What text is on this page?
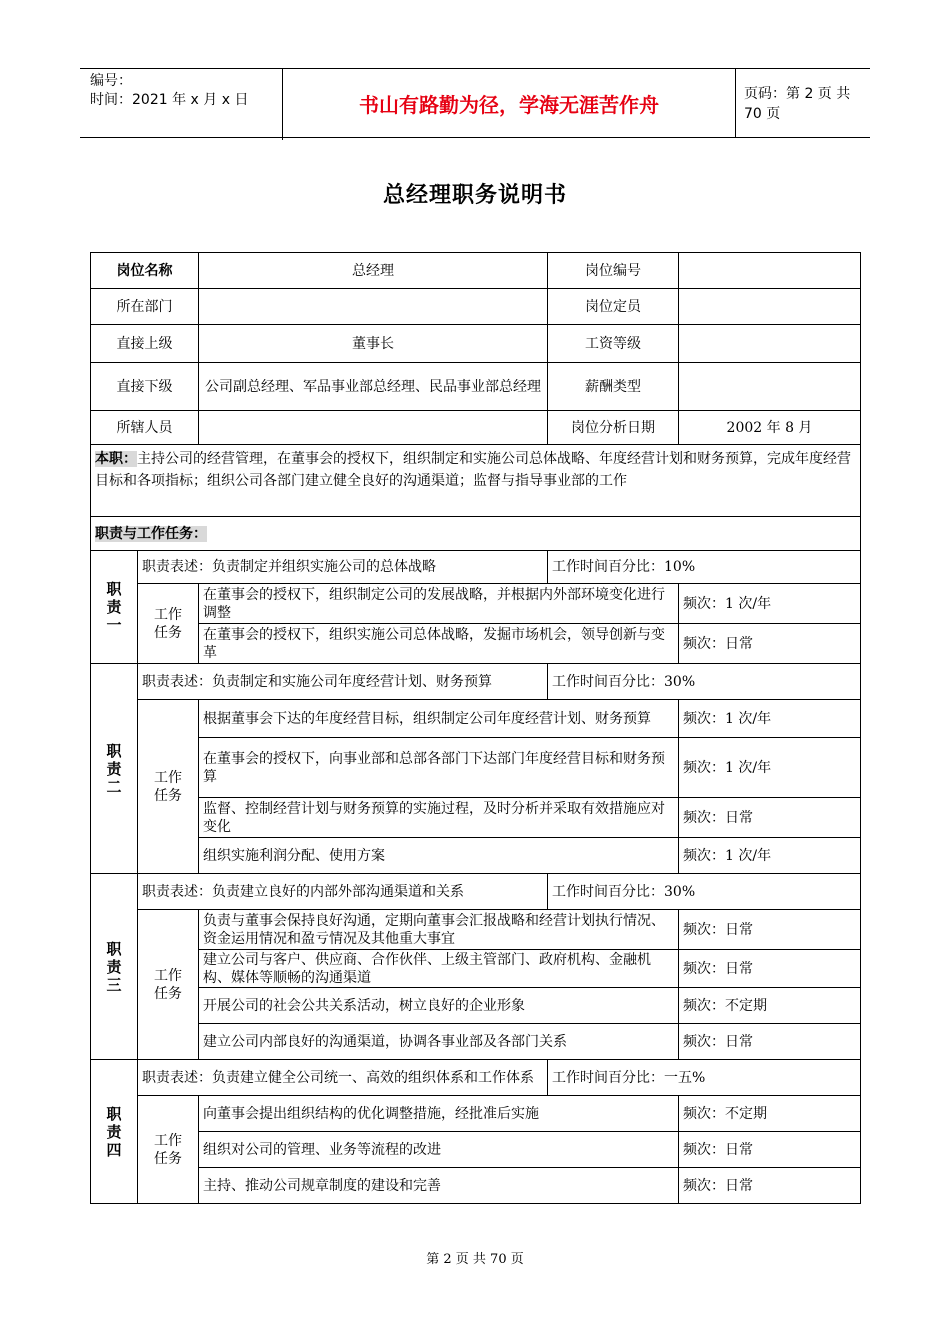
编号：
时间：2021 年 x 月 x 日	书山有路勤为径，学海无涯苦作舟	页码：第 2 页 共 70 页
总经理职务说明书
岗位名称		总经理	岗位编号	
所在部门			岗位定员	
直接上级		董事长	工资等级	
直接下级		公司副总经理、军品事业部总经理、民品事业部总经理	薪酬类型	
所辖人员			岗位分析日期	2002 年 8 月
本职：主持公司的经营管理，在董事会的授权下，组织制定和实施公司总体战略、年度经营计划和财务预算，完成年度经营目标和各项指标；组织公司各部门建立健全良好的沟通渠道；监督与指导事业部的工作				
职责与工作任务：				
职责一	职责表述：负责制定并组织实施公司的总体战略		工作时间百分比：10%	
	工作任务	在董事会的授权下，组织制定公司的发展战略，并根据内外部环境变化进行调整		频次：1 次/年
		在董事会的授权下，组织实施公司总体战略，发掘市场机会，领导创新与变革		频次：日常
职责二	职责表述：负责制定和实施公司年度经营计划、财务预算		工作时间百分比：30%	
	工作任务	根据董事会下达的年度经营目标，组织制定公司年度经营计划、财务预算		频次：1 次/年
		在董事会的授权下，向事业部和总部各部门下达部门年度经营目标和财务预算		频次：1 次/年
		监督、控制经营计划与财务预算的实施过程，及时分析并采取有效措施应对变化		频次：日常
		组织实施利润分配、使用方案		频次：1 次/年
职责三	职责表述：负责建立良好的内部外部沟通渠道和关系		工作时间百分比：30%	
	工作任务	负责与董事会保持良好沟通，定期向董事会汇报战略和经营计划执行情况、资金运用情况和盈亏情况及其他重大事宜		频次：日常
		建立公司与客户、供应商、合作伙伴、上级主管部门、政府机构、金融机构、媒体等顺畅的沟通渠道		频次：日常
		开展公司的社会公共关系活动，树立良好的企业形象		频次：不定期
		建立公司内部良好的沟通渠道，协调各事业部及各部门关系		频次：日常
职责四	职责表述：负责建立健全公司统一、高效的组织体系和工作体系		工作时间百分比：一五%	
	工作任务	向董事会提出组织结构的优化调整措施，经批准后实施		频次：不定期
		组织对公司的管理、业务等流程的改进		频次：日常
		主持、推动公司规章制度的建设和完善		频次：日常
第 2 页 共 70 页
